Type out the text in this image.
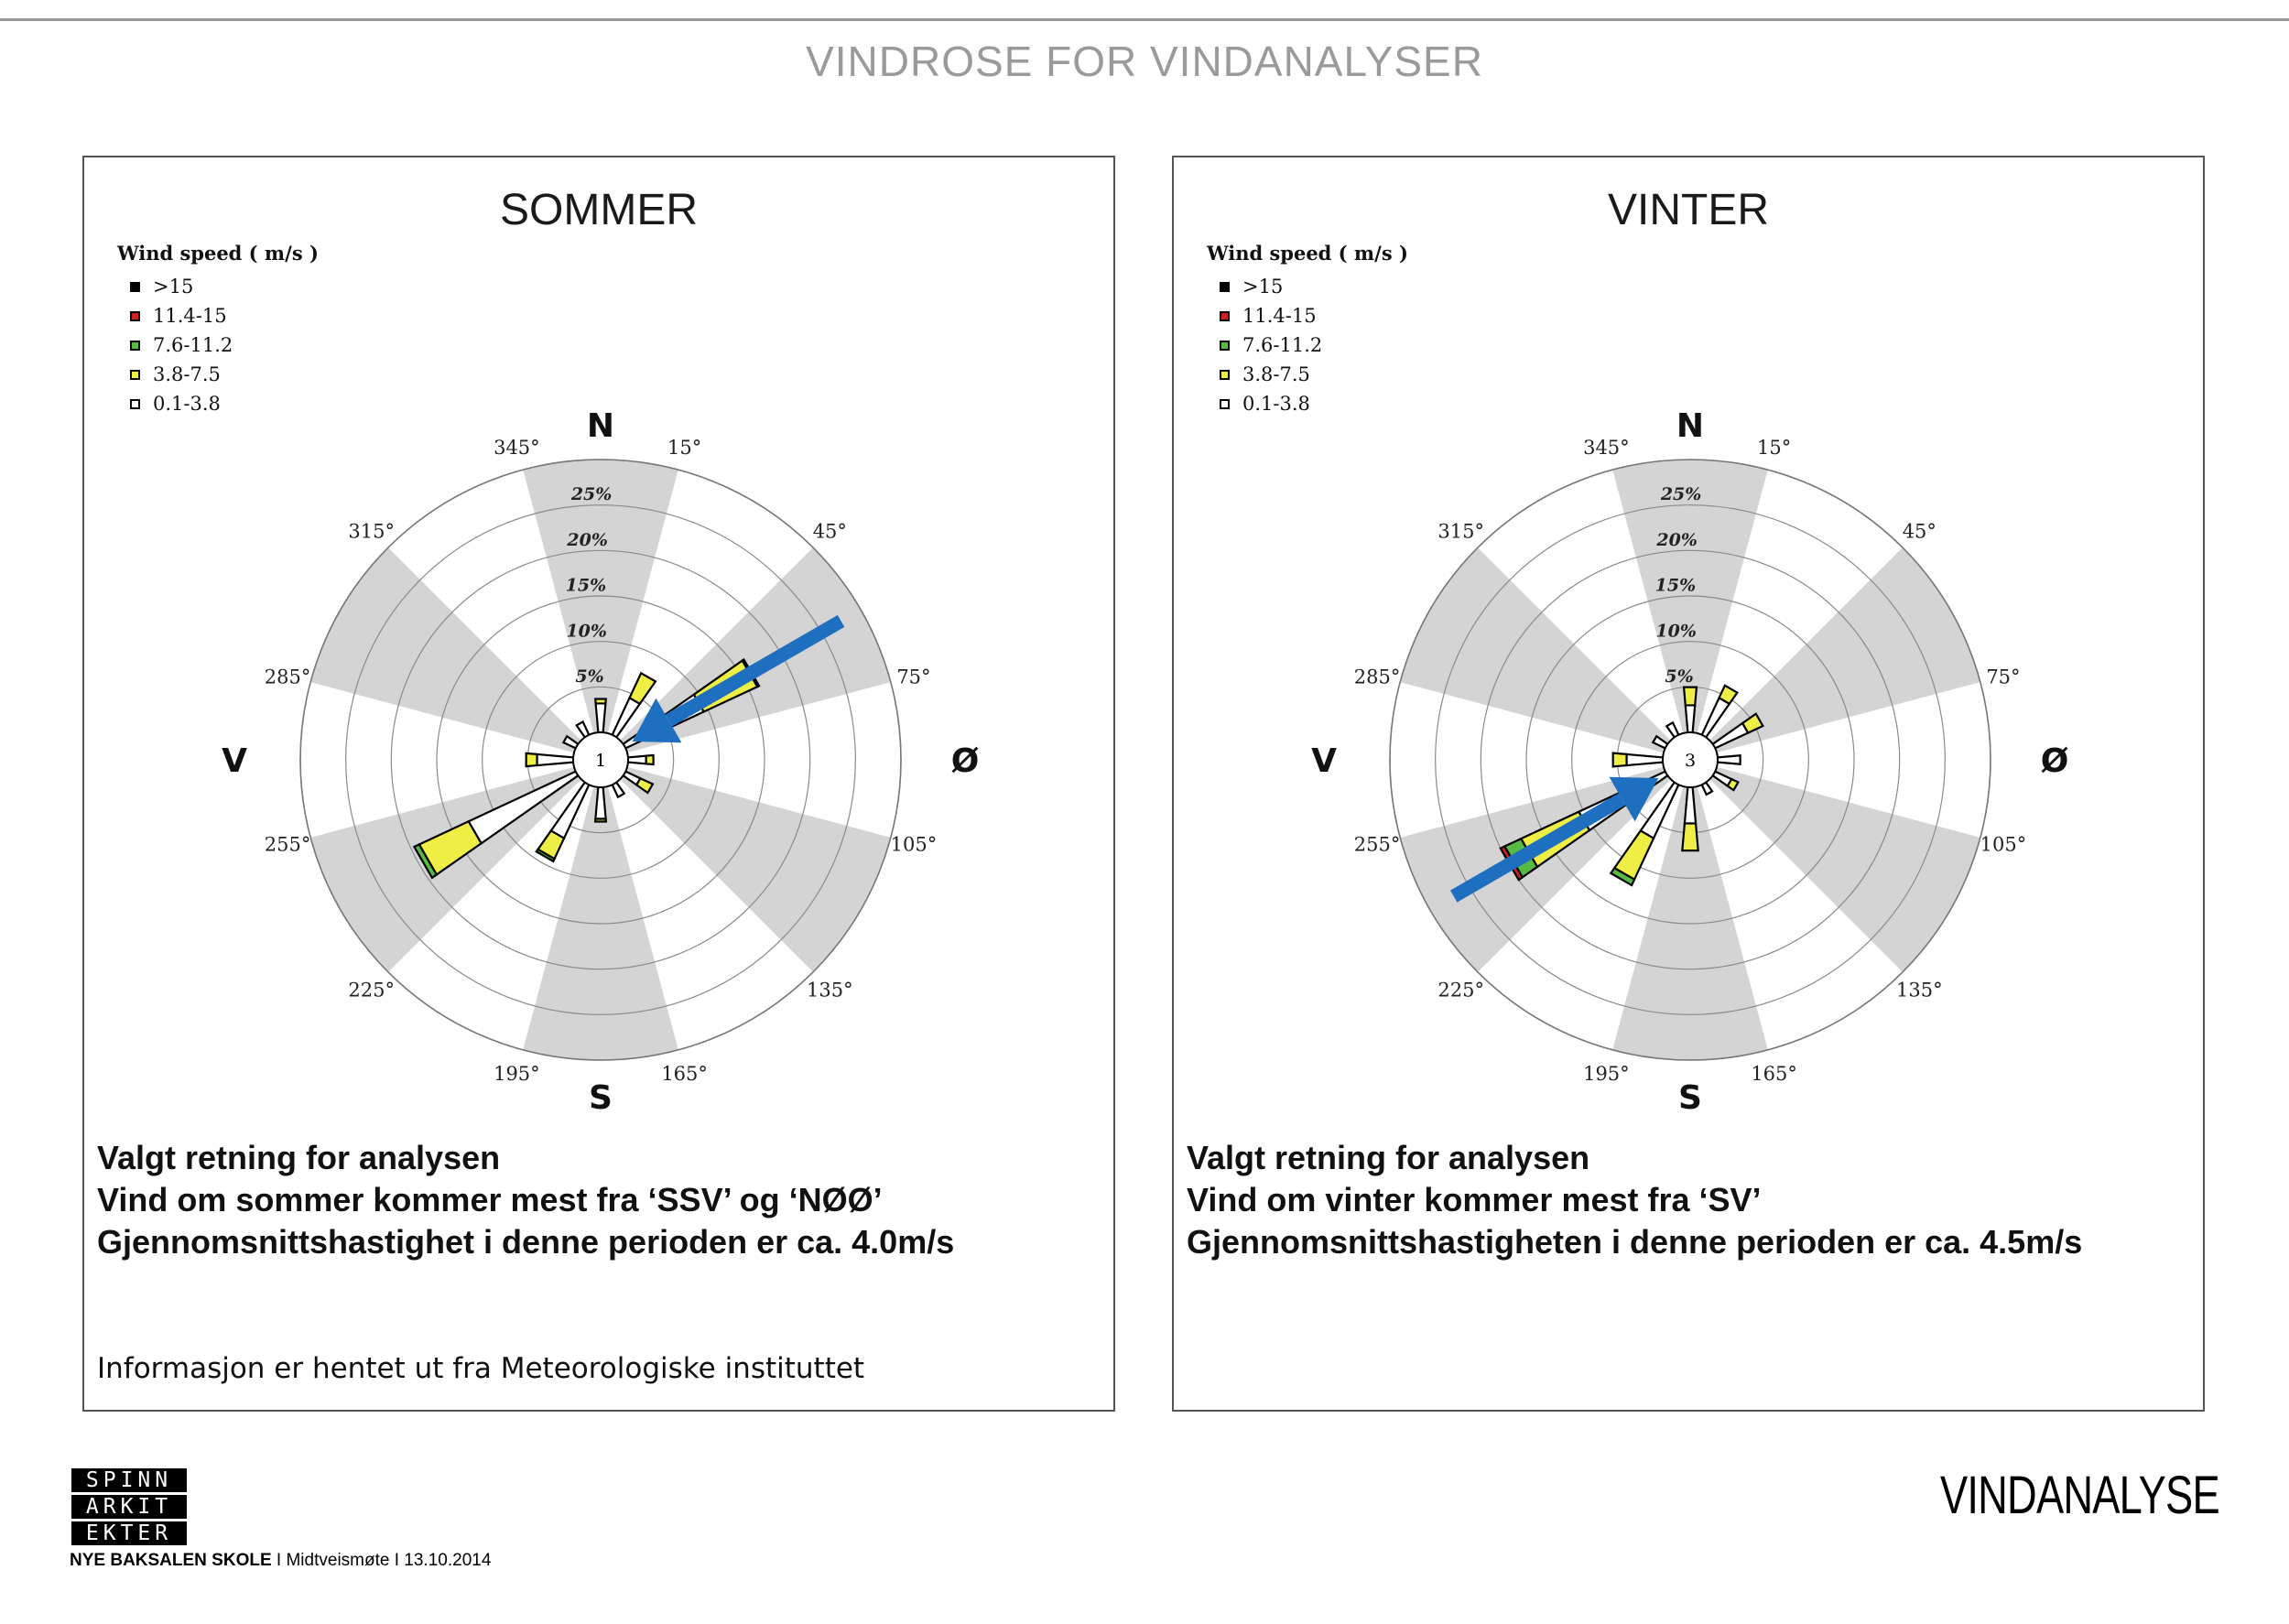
VINDROSE FOR VINDANALYSER
SOMMER
Wind speed ( m/s )
>15
11.4-15
7.6-11.2
3.8-7.5
0.1-3.8
5%
10%
15%
20%
25%
15°
45°
75°
105°
135°
165°
195°
225°
255°
285°
315°
345°
N
Ø
S
V	1
Valgt retning for analysen
Vind om sommer kommer mest fra ‘SSV’ og ‘NØØ’
Gjennomsnittshastighet i denne perioden er ca. 4.0m/s
Informasjon er hentet ut fra Meteorologiske instituttet
VINTER
Wind speed ( m/s )
>15
11.4-15
7.6-11.2
3.8-7.5
0.1-3.8
5%
10%
15%
20%
25%
15°
45°
75°
105°
135°
165°
195°
225°
255°
285°
315°
345°
N
Ø
S
V	3
Valgt retning for analysen
Vind om vinter kommer mest fra ‘SV’
Gjennomsnittshastigheten i denne perioden er ca. 4.5m/s
SPINN
ARKIT
EKTER
NYE BAKSALEN SKOLE I Midtveismøte I 13.10.2014
VINDANALYSE
